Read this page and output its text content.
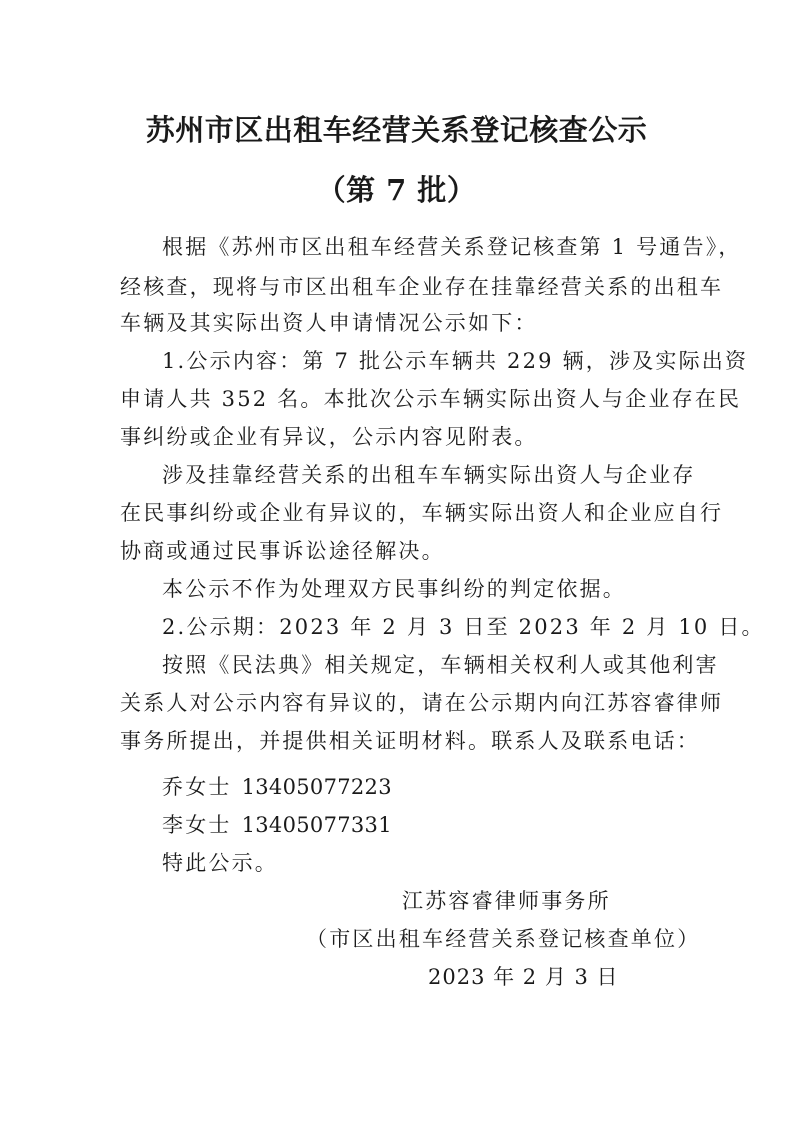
苏州市区出租车经营关系登记核查公示
（第 7 批）

根据《苏州市区出租车经营关系登记核查第 1 号通告》，

经核查，现将与市区出租车企业存在挂靠经营关系的出租车

车辆及其实际出资人申请情况公示如下：

1.公示内容：第 7 批公示车辆共 229 辆，涉及实际出资

申请人共 352 名。本批次公示车辆实际出资人与企业存在民

事纠纷或企业有异议，公示内容见附表。

涉及挂靠经营关系的出租车车辆实际出资人与企业存

在民事纠纷或企业有异议的，车辆实际出资人和企业应自行

协商或通过民事诉讼途径解决。

本公示不作为处理双方民事纠纷的判定依据。

2.公示期：2023 年 2 月 3 日至 2023 年 2 月 10 日。

按照《民法典》相关规定，车辆相关权利人或其他利害

关系人对公示内容有异议的，请在公示期内向江苏容睿律师

事务所提出，并提供相关证明材料。联系人及联系电话：

乔女士 13405077223

李女士 13405077331

特此公示。

江苏容睿律师事务所

（市区出租车经营关系登记核查单位）

2023 年 2 月 3 日
